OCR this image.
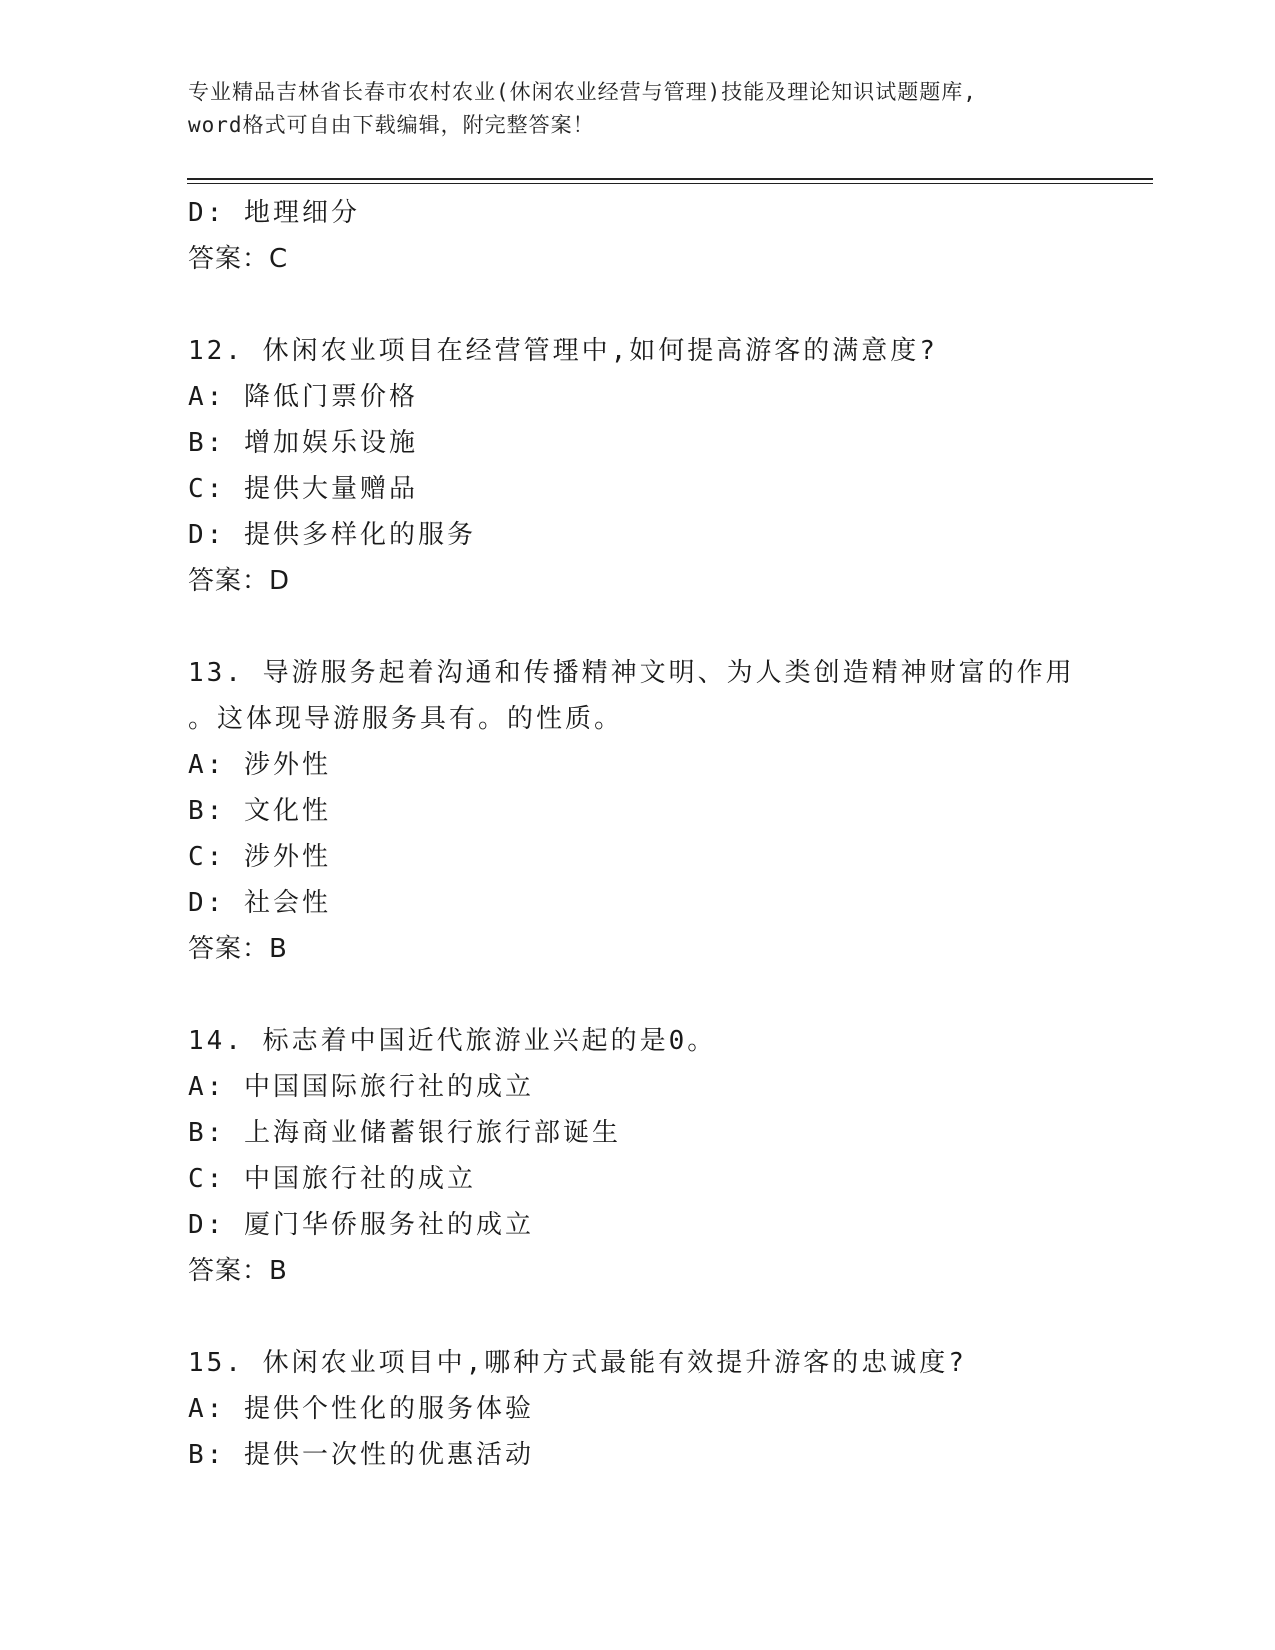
专业精品吉林省长春市农村农业(休闲农业经营与管理)技能及理论知识试题题库,
word格式可自由下载编辑，附完整答案！
D: 地理细分
答案：C
12. 休闲农业项目在经营管理中,如何提高游客的满意度?
A: 降低门票价格
B: 增加娱乐设施
C: 提供大量赠品
D: 提供多样化的服务
答案：D
13. 导游服务起着沟通和传播精神文明、为人类创造精神财富的作用
。这体现导游服务具有。的性质。
A: 涉外性
B: 文化性
C: 涉外性
D: 社会性
答案：B
14. 标志着中国近代旅游业兴起的是0。
A: 中国国际旅行社的成立
B: 上海商业储蓄银行旅行部诞生
C: 中国旅行社的成立
D: 厦门华侨服务社的成立
答案：B
15. 休闲农业项目中,哪种方式最能有效提升游客的忠诚度?
A: 提供个性化的服务体验
B: 提供一次性的优惠活动
